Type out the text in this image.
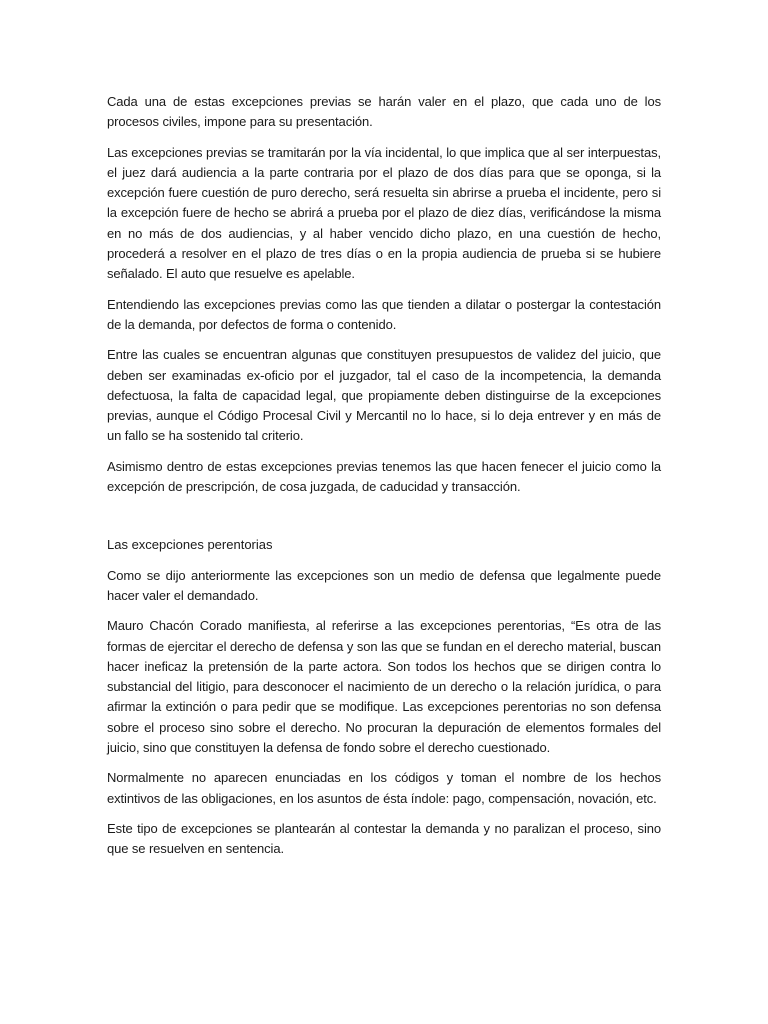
Cada una de estas excepciones previas se harán valer en el plazo, que cada uno de los procesos civiles, impone para su presentación.

Las excepciones previas se tramitarán por la vía incidental, lo que implica que al ser interpuestas, el juez dará audiencia a la parte contraria por el plazo de dos días para que se oponga, si la excepción fuere cuestión de puro derecho, será resuelta sin abrirse a prueba el incidente, pero si la excepción fuere de hecho se abrirá a prueba por el plazo de diez días, verificándose la misma en no más de dos audiencias, y al haber vencido dicho plazo, en una cuestión de hecho, procederá a resolver en el plazo de tres días o en la propia audiencia de prueba si se hubiere señalado. El auto que resuelve es apelable.

Entendiendo las excepciones previas como las que tienden a dilatar o postergar la contestación de la demanda, por defectos de forma o contenido.

Entre las cuales se encuentran algunas que constituyen presupuestos de validez del juicio, que deben ser examinadas ex-oficio por el juzgador, tal el caso de la incompetencia, la demanda defectuosa, la falta de capacidad legal, que propiamente deben distinguirse de la excepciones previas, aunque el Código Procesal Civil y Mercantil no lo hace, si lo deja entrever y en más de un fallo se ha sostenido tal criterio.

Asimismo dentro de estas excepciones previas tenemos las que hacen fenecer el juicio como la excepción de prescripción, de cosa juzgada, de caducidad y transacción.

Las excepciones perentorias

Como se dijo anteriormente las excepciones son un medio de defensa que legalmente puede hacer valer el demandado.

Mauro Chacón Corado manifiesta, al referirse a las excepciones perentorias, “Es otra de las formas de ejercitar el derecho de defensa y son las que se fundan en el derecho material, buscan hacer ineficaz la pretensión de la parte actora. Son todos los hechos que se dirigen contra lo substancial del litigio, para desconocer el nacimiento de un derecho o la relación jurídica, o para afirmar la extinción o para pedir que se modifique. Las excepciones perentorias no son defensa sobre el proceso sino sobre el derecho. No procuran la depuración de elementos formales del juicio, sino que constituyen la defensa de fondo sobre el derecho cuestionado.

Normalmente no aparecen enunciadas en los códigos y toman el nombre de los hechos extintivos de las obligaciones, en los asuntos de ésta índole: pago, compensación, novación, etc.

Este tipo de excepciones se plantearán al contestar la demanda y no paralizan el proceso, sino que se resuelven en sentencia.
